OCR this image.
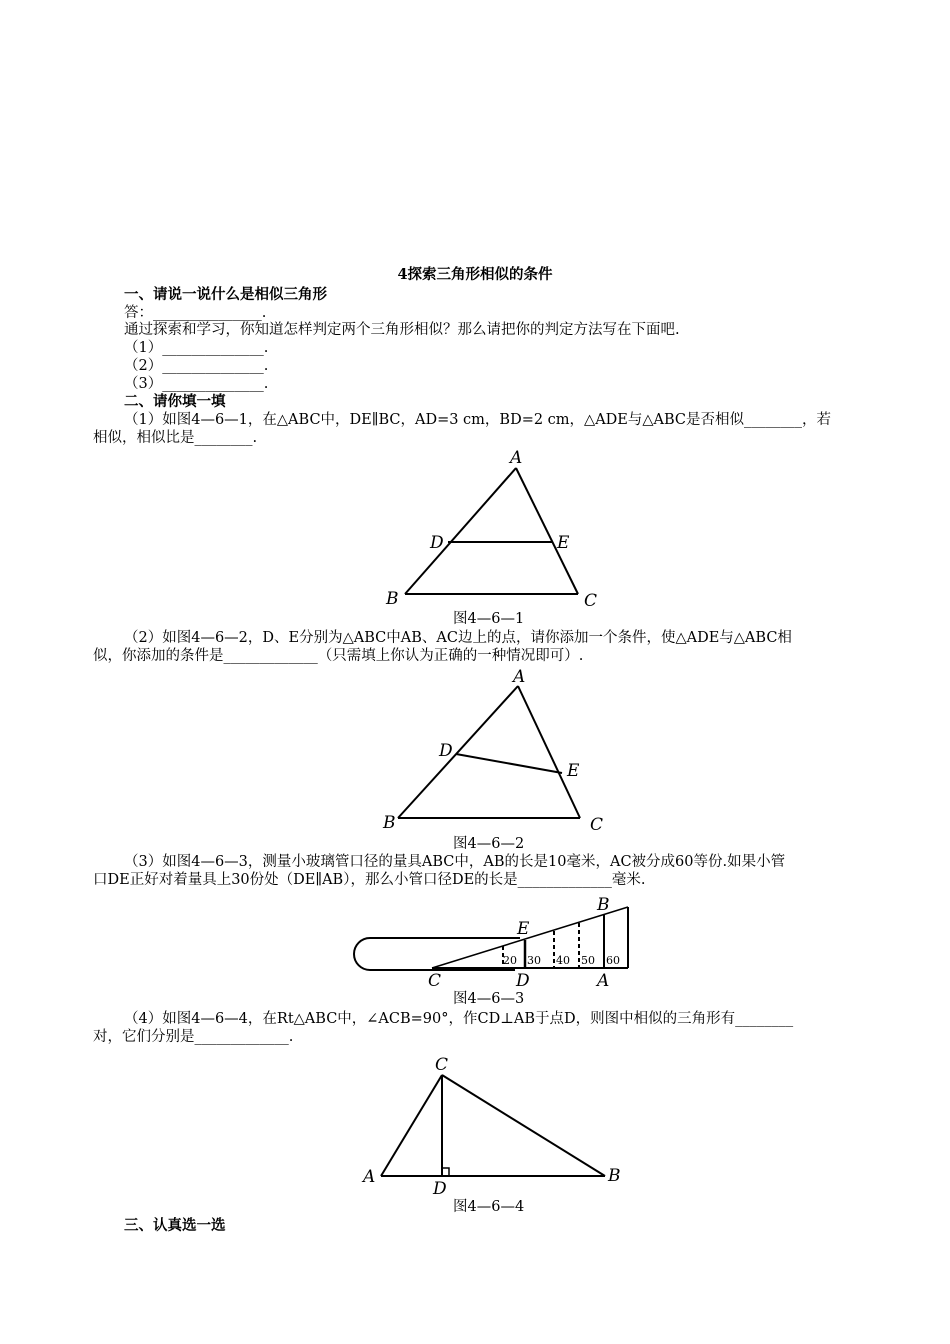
4探索三角形相似的条件
一、请说一说什么是相似三角形
答：_______________.
通过探索和学习，你知道怎样判定两个三角形相似？那么请把你的判定方法写在下面吧.
（1）______________.
（2）______________.
（3）______________.
二、请你填一填
（1）如图4—6—1，在△ABC中，DE∥BC，AD=3 cm，BD=2 cm，△ADE与△ABC是否相似________，若
相似，相似比是________.
A
D	E
B	C
图4—6—1
（2）如图4—6—2，D、E分别为△ABC中AB、AC边上的点，请你添加一个条件，使△ADE与△ABC相
似，你添加的条件是_____________（只需填上你认为正确的一种情况即可）.
A
D
E
B	C
图4—6—2
（3）如图4—6—3，测量小玻璃管口径的量具ABC中，AB的长是10毫米，AC被分成60等份.如果小管
口DE正好对着量具上30份处（DE∥AB），那么小管口径DE的长是_____________毫米.
20 30 40 50 60
E
B
C	D	A
图4—6—3
（4）如图4—6—4，在Rt△ABC中，∠ACB=90°，作CD⊥AB于点D，则图中相似的三角形有________
对，它们分别是_____________.
C
A
D
B
图4—6—4
三、认真选一选
